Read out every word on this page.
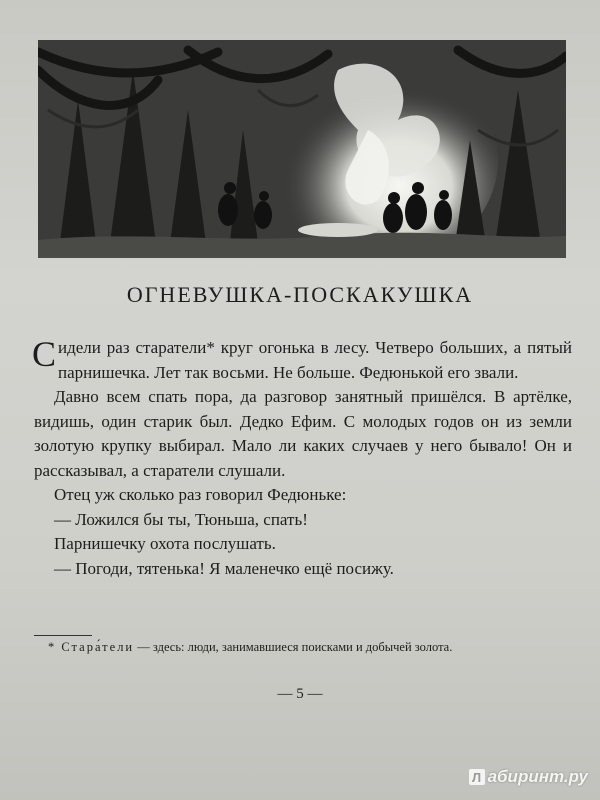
ОГНЕВУШКА-ПОСКАКУШКА

Сидели раз старатели* круг огонька в лесу. Четверо больших, а пятый парнишечка. Лет так восьми. Не больше. Федюнькой его звали.

Давно всем спать пора, да разговор занятный пришёлся. В артёлке, видишь, один старик был. Дедко Ефим. С молодых годов он из земли золотую крупку выбирал. Мало ли каких случаев у него бывало! Он и рассказывал, а старатели слушали.

Отец уж сколько раз говорил Федюньке:

— Ложился бы ты, Тюньша, спать!

Парнишечку охота послушать.

— Погоди, тятенька! Я маленечко ещё посижу.

* Стара́тели — здесь: люди, занимавшиеся поисками и добычей золота.
— 5 —
Л абиринт.ру
